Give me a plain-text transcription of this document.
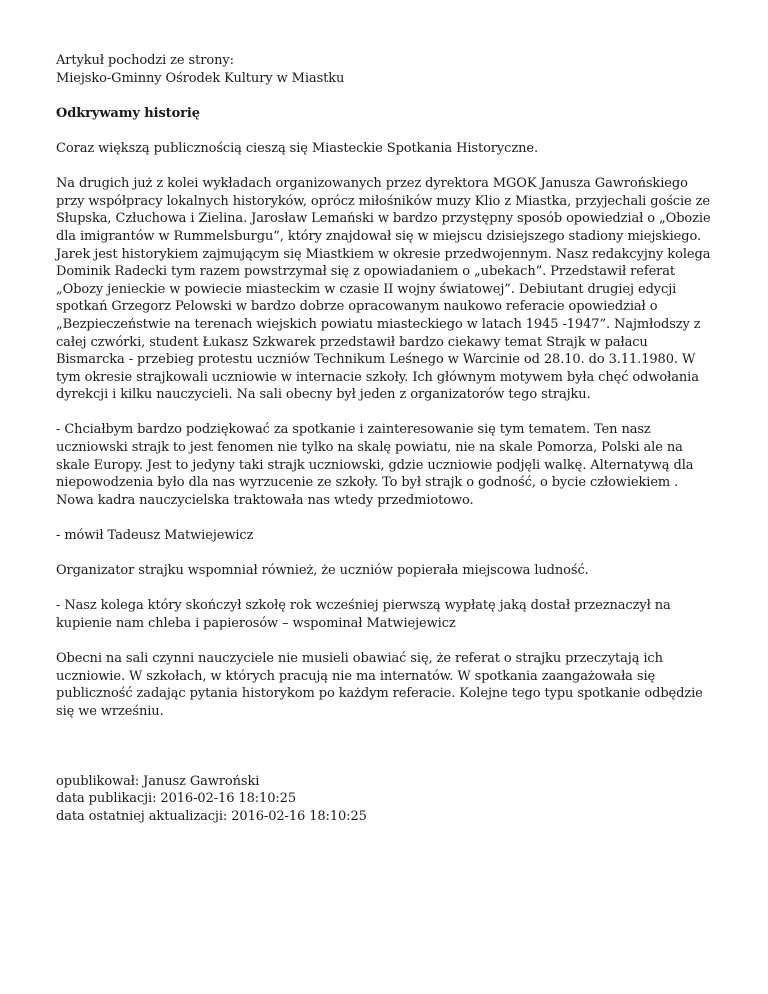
Artykuł pochodzi ze strony:
Miejsko-Gminny Ośrodek Kultury w Miastku
Odkrywamy historię
Coraz większą publicznością cieszą się Miasteckie Spotkania Historyczne.
Na drugich już z kolei wykładach organizowanych przez dyrektora MGOK Janusza Gawrońskiego
przy współpracy lokalnych historyków, oprócz miłośników muzy Klio z Miastka, przyjechali goście ze
Słupska, Człuchowa i Zielina. Jarosław Lemański w bardzo przystępny sposób opowiedział o „Obozie
dla imigrantów w Rummelsburgu”, który znajdował się w miejscu dzisiejszego stadiony miejskiego.
Jarek jest historykiem zajmującym się Miastkiem w okresie przedwojennym. Nasz redakcyjny kolega
Dominik Radecki tym razem powstrzymał się z opowiadaniem o „ubekach”. Przedstawił referat
„Obozy jenieckie w powiecie miasteckim w czasie II wojny światowej”. Debiutant drugiej edycji
spotkań Grzegorz Pelowski w bardzo dobrze opracowanym naukowo referacie opowiedział o
„Bezpieczeństwie na terenach wiejskich powiatu miasteckiego w latach 1945 -1947”. Najmłodszy z
całej czwórki, student Łukasz Szkwarek przedstawił bardzo ciekawy temat Strajk w pałacu
Bismarcka - przebieg protestu uczniów Technikum Leśnego w Warcinie od 28.10. do 3.11.1980. W
tym okresie strajkowali uczniowie w internacie szkoły. Ich głównym motywem była chęć odwołania
dyrekcji i kilku nauczycieli. Na sali obecny był jeden z organizatorów tego strajku.
- Chciałbym bardzo podziękować za spotkanie i zainteresowanie się tym tematem. Ten nasz
uczniowski strajk to jest fenomen nie tylko na skalę powiatu, nie na skale Pomorza, Polski ale na
skale Europy. Jest to jedyny taki strajk uczniowski, gdzie uczniowie podjęli walkę. Alternatywą dla
niepowodzenia było dla nas wyrzucenie ze szkoły. To był strajk o godność, o bycie człowiekiem .
Nowa kadra nauczycielska traktowała nas wtedy przedmiotowo.
- mówił Tadeusz Matwiejewicz
Organizator strajku wspomniał również, że uczniów popierała miejscowa ludność.
- Nasz kolega który skończył szkołę rok wcześniej pierwszą wypłatę jaką dostał przeznaczył na
kupienie nam chleba i papierosów – wspominał Matwiejewicz
Obecni na sali czynni nauczyciele nie musieli obawiać się, że referat o strajku przeczytają ich
uczniowie. W szkołach, w których pracują nie ma internatów. W spotkania zaangażowała się
publiczność zadając pytania historykom po każdym referacie. Kolejne tego typu spotkanie odbędzie
się we wrześniu.
opublikował: Janusz Gawroński
data publikacji: 2016-02-16 18:10:25
data ostatniej aktualizacji: 2016-02-16 18:10:25
